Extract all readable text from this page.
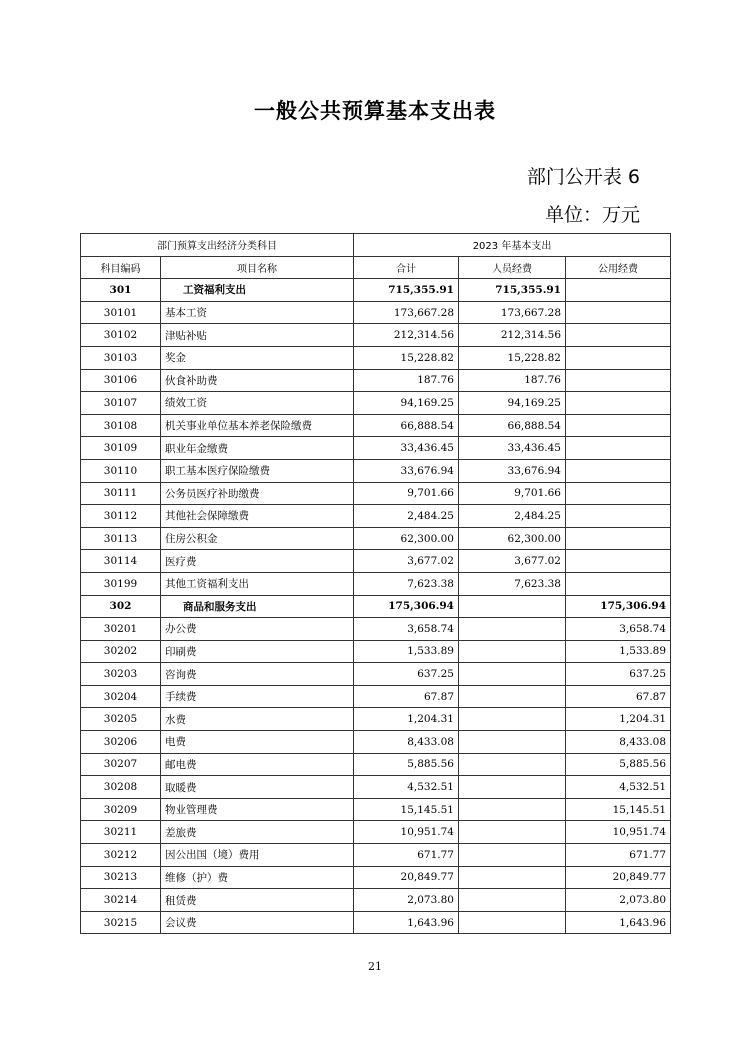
一般公共预算基本支出表
部门公开表 6
单位：万元
部门预算支出经济分类科目		2023 年基本支出		
科目编码	项目名称	合计	人员经费	公用经费
301	工资福利支出	715,355.91	715,355.91	
30101	基本工资	173,667.28	173,667.28	
30102	津贴补贴	212,314.56	212,314.56	
30103	奖金	15,228.82	15,228.82	
30106	伙食补助费	187.76	187.76	
30107	绩效工资	94,169.25	94,169.25	
30108	机关事业单位基本养老保险缴费	66,888.54	66,888.54	
30109	职业年金缴费	33,436.45	33,436.45	
30110	职工基本医疗保险缴费	33,676.94	33,676.94	
30111	公务员医疗补助缴费	9,701.66	9,701.66	
30112	其他社会保障缴费	2,484.25	2,484.25	
30113	住房公积金	62,300.00	62,300.00	
30114	医疗费	3,677.02	3,677.02	
30199	其他工资福利支出	7,623.38	7,623.38	
302	商品和服务支出	175,306.94		175,306.94
30201	办公费	3,658.74		3,658.74
30202	印刷费	1,533.89		1,533.89
30203	咨询费	637.25		637.25
30204	手续费	67.87		67.87
30205	水费	1,204.31		1,204.31
30206	电费	8,433.08		8,433.08
30207	邮电费	5,885.56		5,885.56
30208	取暖费	4,532.51		4,532.51
30209	物业管理费	15,145.51		15,145.51
30211	差旅费	10,951.74		10,951.74
30212	因公出国（境）费用	671.77		671.77
30213	维修（护）费	20,849.77		20,849.77
30214	租赁费	2,073.80		2,073.80
30215	会议费	1,643.96		1,643.96
21
